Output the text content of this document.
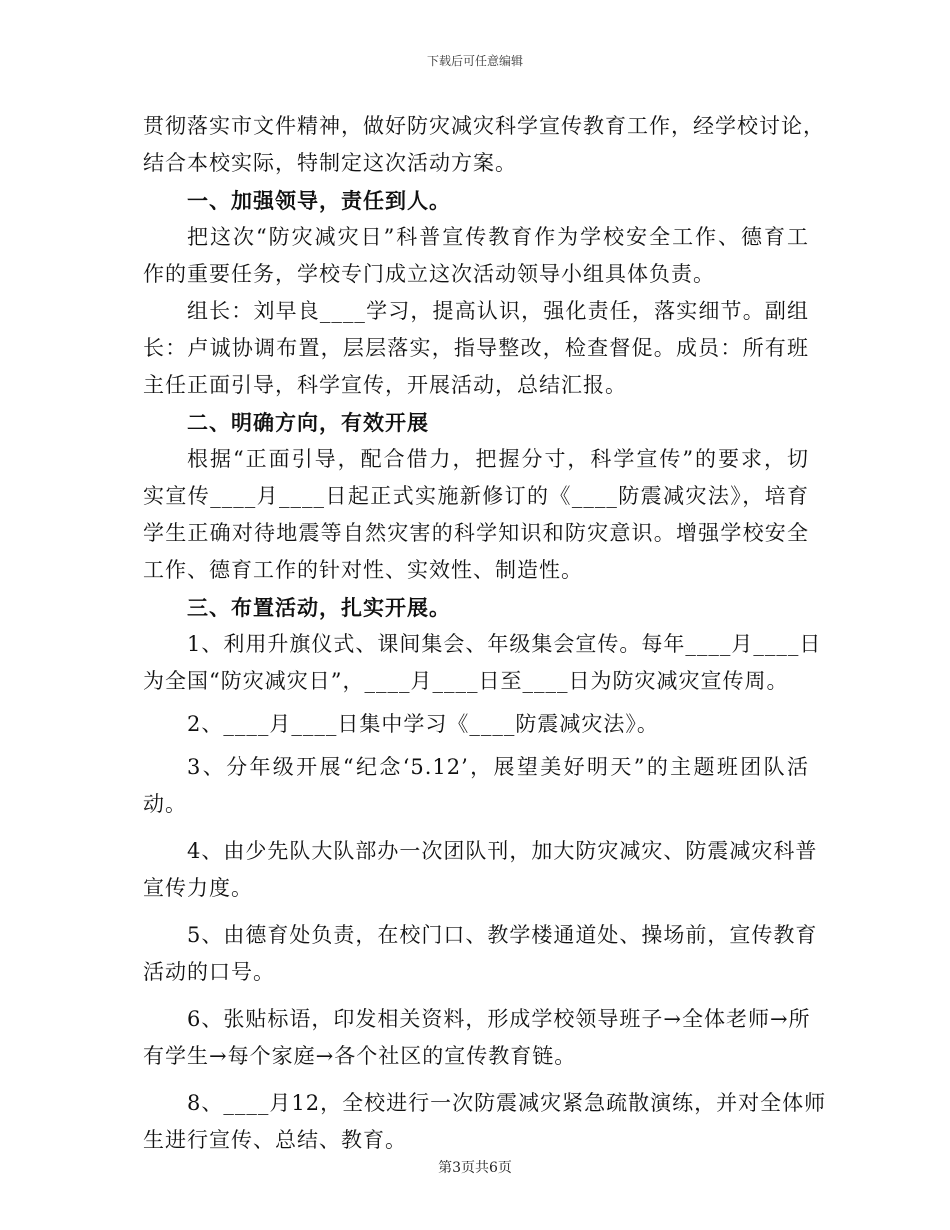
下载后可任意编辑
贯彻落实市文件精神，做好防灾减灾科学宣传教育工作，经学校讨论，
结合本校实际，特制定这次活动方案。
一、加强领导，责任到人。
把这次“防灾减灾日”科普宣传教育作为学校安全工作、德育工
作的重要任务，学校专门成立这次活动领导小组具体负责。
组长：刘早良____学习，提高认识，强化责任，落实细节。副组
长：卢诚协调布置，层层落实，指导整改，检查督促。成员：所有班
主任正面引导，科学宣传，开展活动，总结汇报。
二、明确方向，有效开展
根据“正面引导，配合借力，把握分寸，科学宣传”的要求，切
实宣传____月____日起正式实施新修订的《____防震减灾法》，培育
学生正确对待地震等自然灾害的科学知识和防灾意识。增强学校安全
工作、德育工作的针对性、实效性、制造性。
三、布置活动，扎实开展。
1、利用升旗仪式、课间集会、年级集会宣传。每年____月____日
为全国“防灾减灾日”，____月____日至____日为防灾减灾宣传周。
2、____月____日集中学习《____防震减灾法》。
3、分年级开展“纪念‘5.12’，展望美好明天”的主题班团队活
动。
4、由少先队大队部办一次团队刊，加大防灾减灾、防震减灾科普
宣传力度。
5、由德育处负责，在校门口、教学楼通道处、操场前，宣传教育
活动的口号。
6、张贴标语，印发相关资料，形成学校领导班子→全体老师→所
有学生→每个家庭→各个社区的宣传教育链。
8、____月12，全校进行一次防震减灾紧急疏散演练，并对全体师
生进行宣传、总结、教育。
第3页共6页
